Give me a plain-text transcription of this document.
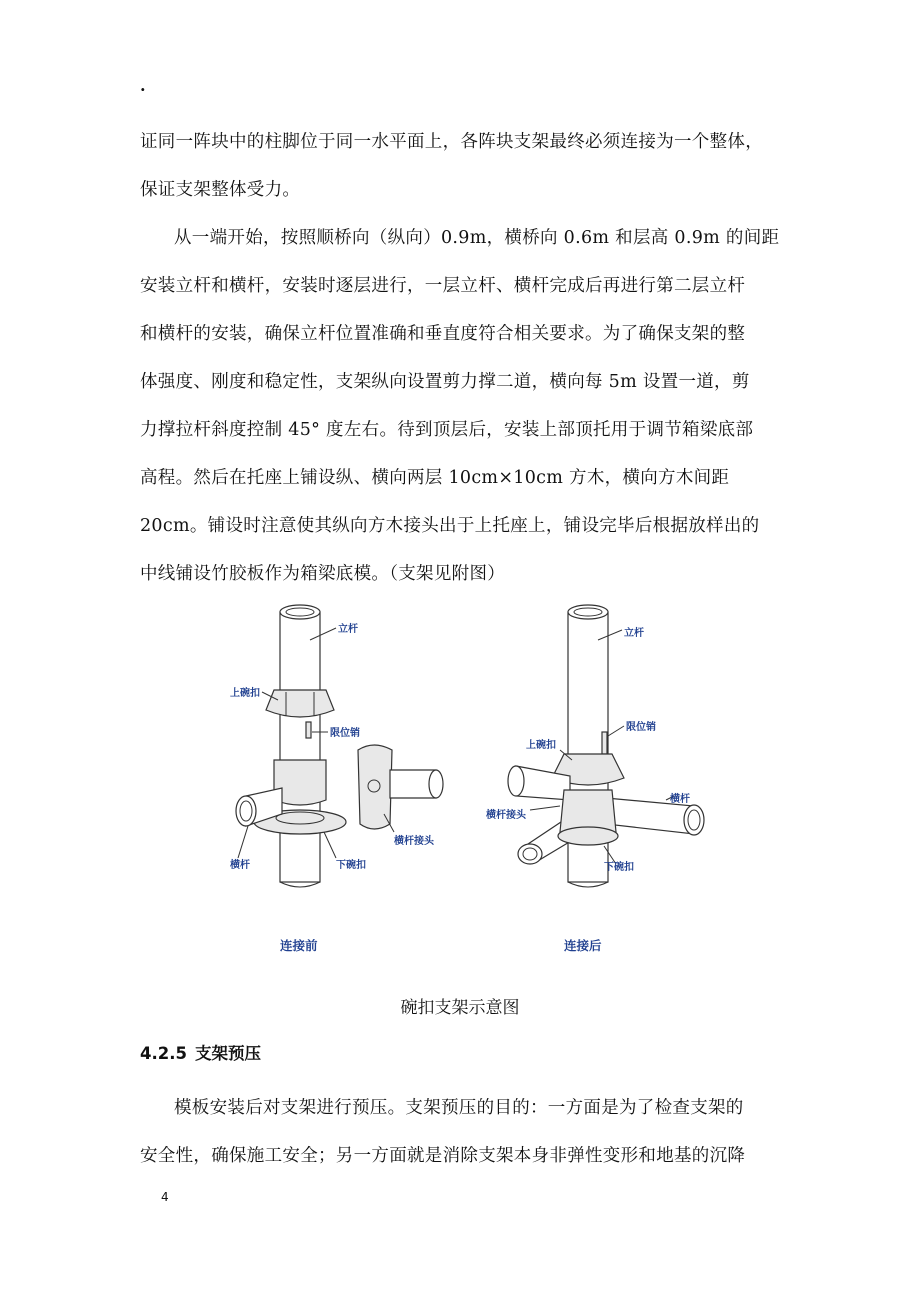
.
证同一阵块中的柱脚位于同一水平面上，各阵块支架最终必须连接为一个整体，
保证支架整体受力。
从一端开始，按照顺桥向（纵向）0.9m，横桥向 0.6m 和层高 0.9m 的间距
安装立杆和横杆，安装时逐层进行，一层立杆、横杆完成后再进行第二层立杆
和横杆的安装，确保立杆位置准确和垂直度符合相关要求。为了确保支架的整
体强度、刚度和稳定性，支架纵向设置剪力撑二道，横向每 5m 设置一道，剪
力撑拉杆斜度控制 45° 度左右。待到顶层后，安装上部顶托用于调节箱梁底部
高程。然后在托座上铺设纵、横向两层 10cm×10cm 方木，横向方木间距
20cm。铺设时注意使其纵向方木接头出于上托座上，铺设完毕后根据放样出的
中线铺设竹胶板作为箱梁底模。（支架见附图）
立杆
上碗扣
限位销
横杆	下碗扣
横杆接头
连接前
立杆
限位销
上碗扣
横杆接头
横杆
下碗扣
连接后
碗扣支架示意图
4.2.5 支架预压
模板安装后对支架进行预压。支架预压的目的：一方面是为了检查支架的
安全性，确保施工安全；另一方面就是消除支架本身非弹性变形和地基的沉降
4
